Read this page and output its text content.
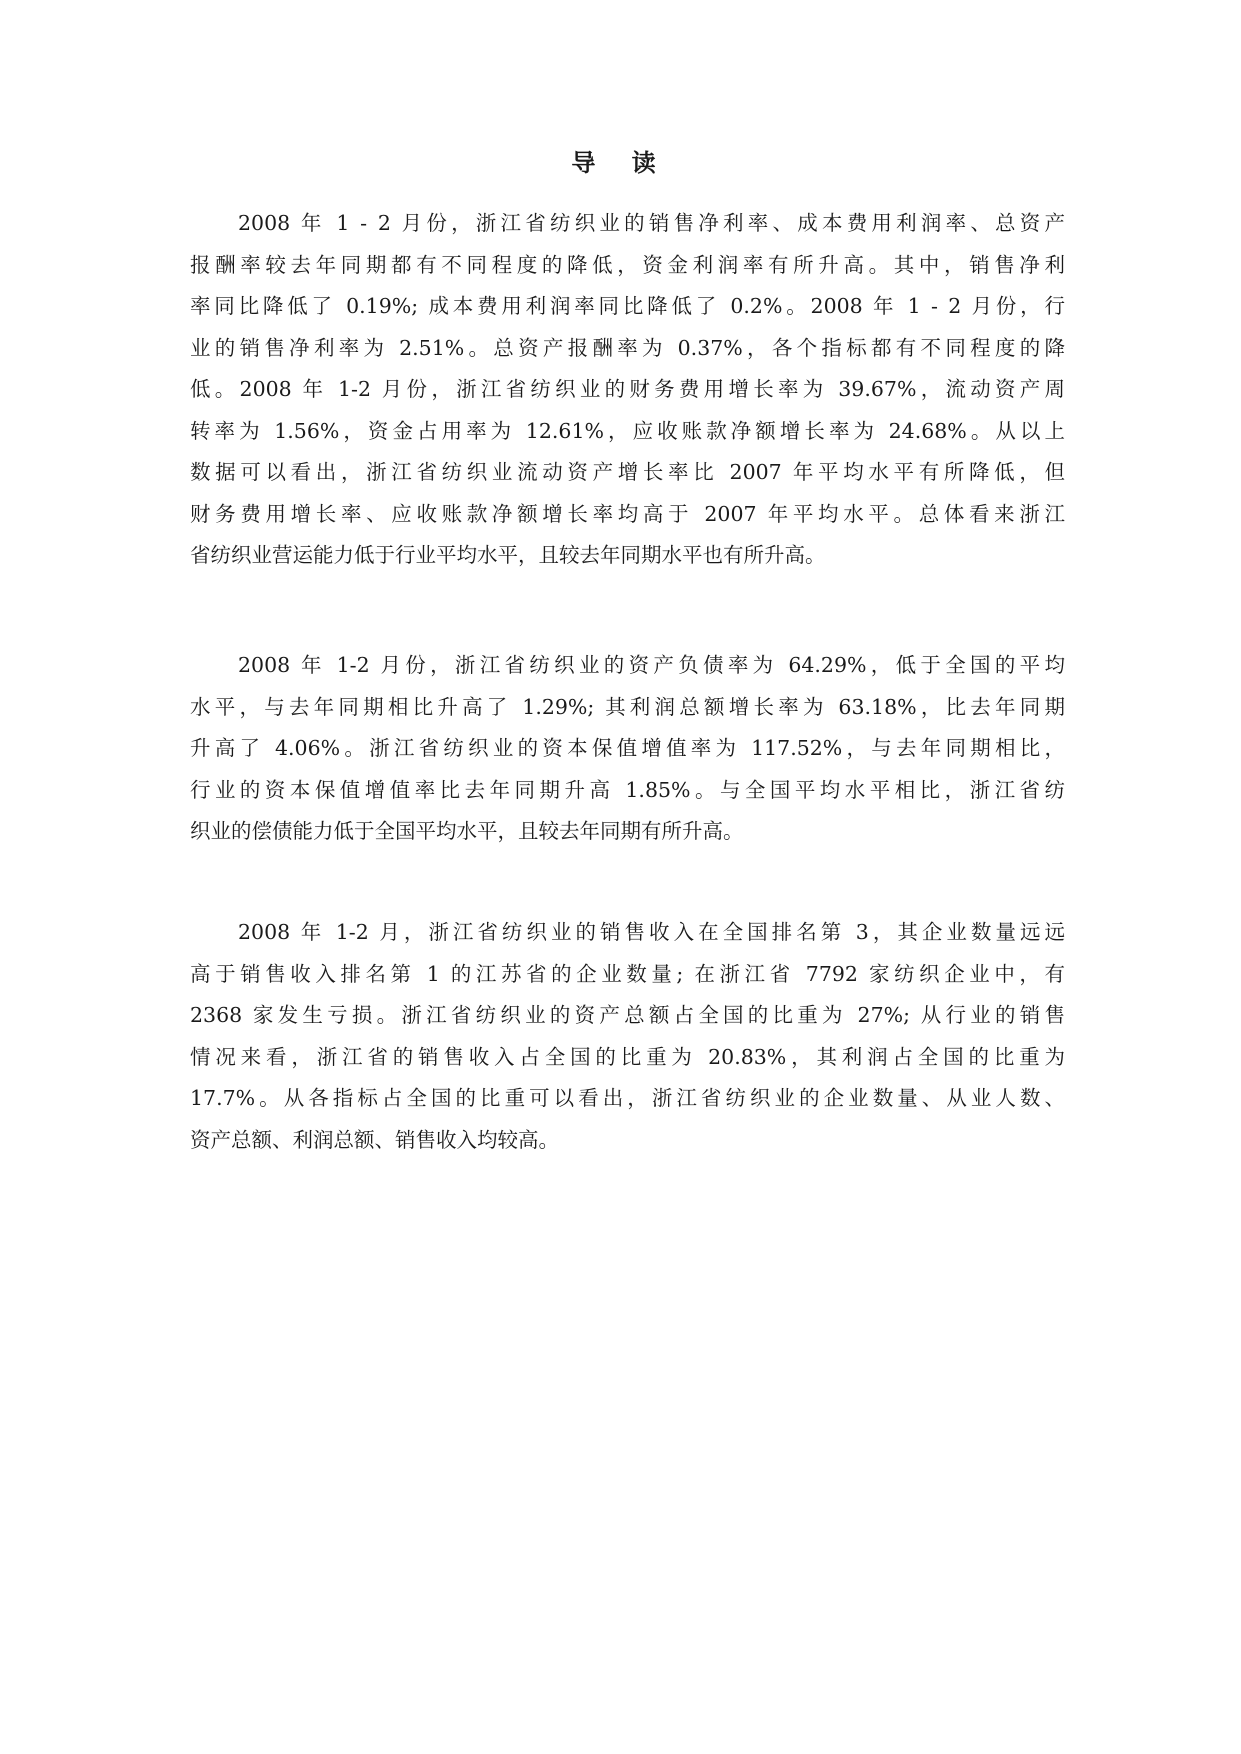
导 读
2008 年 1 - 2 月份，浙江省纺织业的销售净利率、成本费用利润率、总资产
报酬率较去年同期都有不同程度的降低，资金利润率有所升高。其中，销售净利
率同比降低了 0.19%; 成本费用利润率同比降低了 0.2%。2008 年 1 - 2 月份，行
业的销售净利率为 2.51%。总资产报酬率为 0.37%，各个指标都有不同程度的降
低。2008 年 1-2 月份，浙江省纺织业的财务费用增长率为 39.67%，流动资产周
转率为 1.56%，资金占用率为 12.61%，应收账款净额增长率为 24.68%。从以上
数据可以看出，浙江省纺织业流动资产增长率比 2007 年平均水平有所降低，但
财务费用增长率、应收账款净额增长率均高于 2007 年平均水平。总体看来浙江
省纺织业营运能力低于行业平均水平，且较去年同期水平也有所升高。
2008 年 1-2 月份，浙江省纺织业的资产负债率为 64.29%，低于全国的平均
水平，与去年同期相比升高了 1.29%; 其利润总额增长率为 63.18%，比去年同期
升高了 4.06%。浙江省纺织业的资本保值增值率为 117.52%，与去年同期相比，
行业的资本保值增值率比去年同期升高 1.85%。与全国平均水平相比，浙江省纺
织业的偿债能力低于全国平均水平，且较去年同期有所升高。
2008 年 1-2 月，浙江省纺织业的销售收入在全国排名第 3，其企业数量远远
高于销售收入排名第 1 的江苏省的企业数量; 在浙江省 7792 家纺织企业中，有
2368 家发生亏损。浙江省纺织业的资产总额占全国的比重为 27%; 从行业的销售
情况来看，浙江省的销售收入占全国的比重为 20.83%，其利润占全国的比重为
17.7%。从各指标占全国的比重可以看出，浙江省纺织业的企业数量、从业人数、
资产总额、利润总额、销售收入均较高。
